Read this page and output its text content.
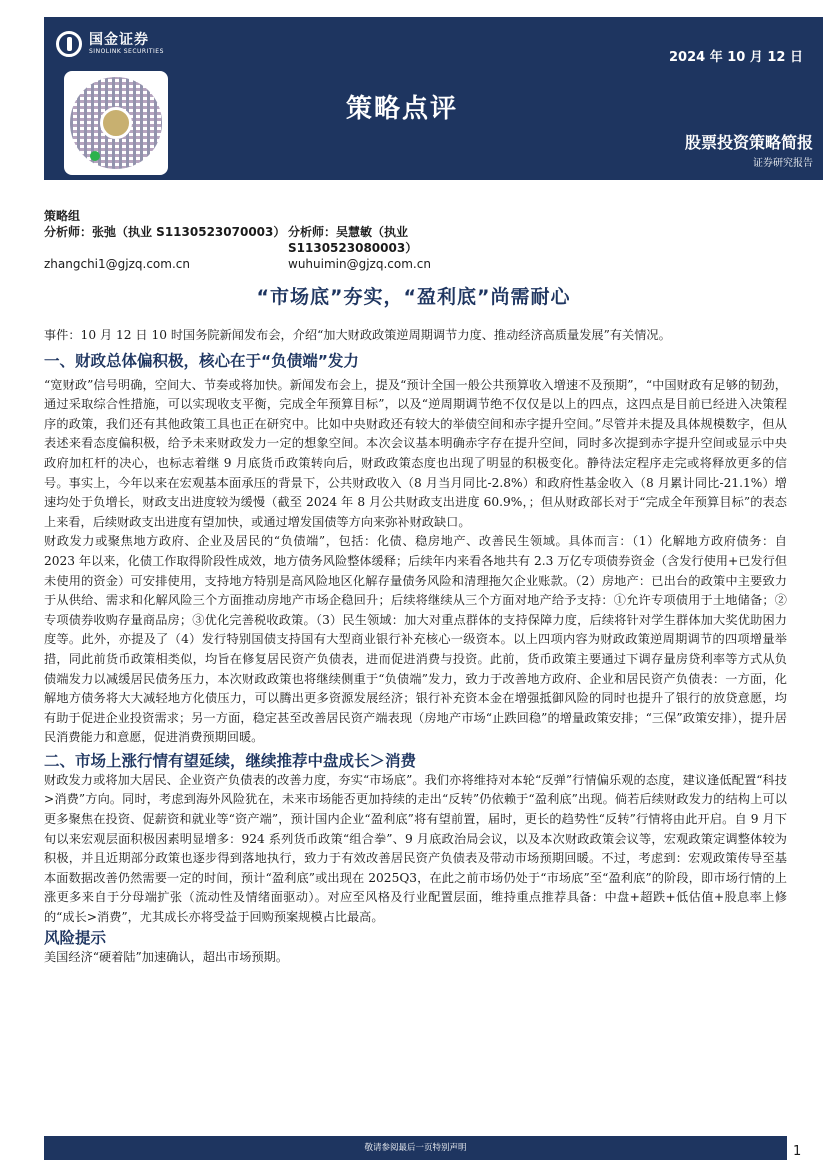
国金证券
SINOLINK SECURITIES	2024 年 10 月 12 日
策略点评
股票投资策略简报
证券研究报告
策略组
分析师：张弛（执业 S1130523070003） 分析师：吴慧敏（执业 S1130523080003）
zhangchi1@gjzq.com.cn	wuhuimin@gjzq.com.cn
“市场底”夯实，“盈利底”尚需耐心

事件：10 月 12 日 10 时国务院新闻发布会，介绍“加大财政政策逆周期调节力度、推动经济高质量发展”有关情况。

一、财政总体偏积极，核心在于“负债端”发力

“宽财政”信号明确，空间大、节奏或将加快。新闻发布会上，提及“预计全国一般公共预算收入增速不及预期”，“中国财政有足够的韧劲，通过采取综合性措施，可以实现收支平衡，完成全年预算目标”，以及“逆周期调节绝不仅仅是以上的四点，这四点是目前已经进入决策程序的政策，我们还有其他政策工具也正在研究中。比如中央财政还有较大的举债空间和赤字提升空间。”尽管并未提及具体规模数字，但从表述来看态度偏积极，给予未来财政发力一定的想象空间。本次会议基本明确赤字存在提升空间，同时多次提到赤字提升空间或显示中央政府加杠杆的决心，也标志着继 9 月底货币政策转向后，财政政策态度也出现了明显的积极变化。静待法定程序走完或将释放更多的信号。事实上，今年以来在宏观基本面承压的背景下，公共财政收入（8 月当月同比-2.8%）和政府性基金收入（8 月累计同比-21.1%）增速均处于负增长，财政支出进度较为缓慢（截至 2024 年 8 月公共财政支出进度 60.9%，；但从财政部长对于“完成全年预算目标”的表态上来看，后续财政支出进度有望加快，或通过增发国债等方向来弥补财政缺口。

财政发力或聚焦地方政府、企业及居民的“负债端”，包括：化债、稳房地产、改善民生领域。具体而言：（1）化解地方政府债务：自 2023 年以来，化债工作取得阶段性成效，地方债务风险整体缓释；后续年内来看各地共有 2.3 万亿专项债券资金（含发行使用+已发行但未使用的资金）可安排使用，支持地方特别是高风险地区化解存量债务风险和清理拖欠企业账款。（2）房地产：已出台的政策中主要致力于从供给、需求和化解风险三个方面推动房地产市场企稳回升；后续将继续从三个方面对地产给予支持：①允许专项债用于土地储备；②专项债券收购存量商品房；③优化完善税收政策。（3）民生领域：加大对重点群体的支持保障力度，后续将针对学生群体加大奖优助困力度等。此外，亦提及了（4）发行特别国债支持国有大型商业银行补充核心一级资本。以上四项内容为财政政策逆周期调节的四项增量举措，同此前货币政策相类似，均旨在修复居民资产负债表，进而促进消费与投资。此前，货币政策主要通过下调存量房贷利率等方式从负债端发力以减缓居民债务压力，本次财政政策也将继续侧重于“负债端”发力，致力于改善地方政府、企业和居民资产负债表：一方面，化解地方债务将大大减轻地方化债压力，可以腾出更多资源发展经济；银行补充资本金在增强抵御风险的同时也提升了银行的放贷意愿，均有助于促进企业投资需求；另一方面，稳定甚至改善居民资产端表现（房地产市场“止跌回稳”的增量政策安排；“三保”政策安排），提升居民消费能力和意愿，促进消费预期回暖。

二、市场上涨行情有望延续，继续推荐中盘成长＞消费

财政发力或将加大居民、企业资产负债表的改善力度，夯实“市场底”。我们亦将维持对本轮“反弹”行情偏乐观的态度，建议逢低配置“科技>消费”方向。同时，考虑到海外风险犹在，未来市场能否更加持续的走出“反转”仍依赖于“盈利底”出现。倘若后续财政发力的结构上可以更多聚焦在投资、促薪资和就业等“资产端”，预计国内企业“盈利底”将有望前置，届时，更长的趋势性“反转”行情将由此开启。自 9 月下旬以来宏观层面积极因素明显增多：924 系列货币政策“组合拳”、9 月底政治局会议，以及本次财政政策会议等，宏观政策定调整体较为积极，并且近期部分政策也逐步得到落地执行，致力于有效改善居民资产负债表及带动市场预期回暖。不过，考虑到：宏观政策传导至基本面数据改善仍然需要一定的时间，预计“盈利底”或出现在 2025Q3，在此之前市场仍处于“市场底”至“盈利底”的阶段，即市场行情的上涨更多来自于分母端扩张（流动性及情绪面驱动）。对应至风格及行业配置层面，维持重点推荐具备：中盘+超跌+低估值+股息率上修的“成长>消费”，尤其成长亦将受益于回购预案规模占比最高。

风险提示

美国经济“硬着陆”加速确认，超出市场预期。

敬请参阅最后一页特别声明	1
